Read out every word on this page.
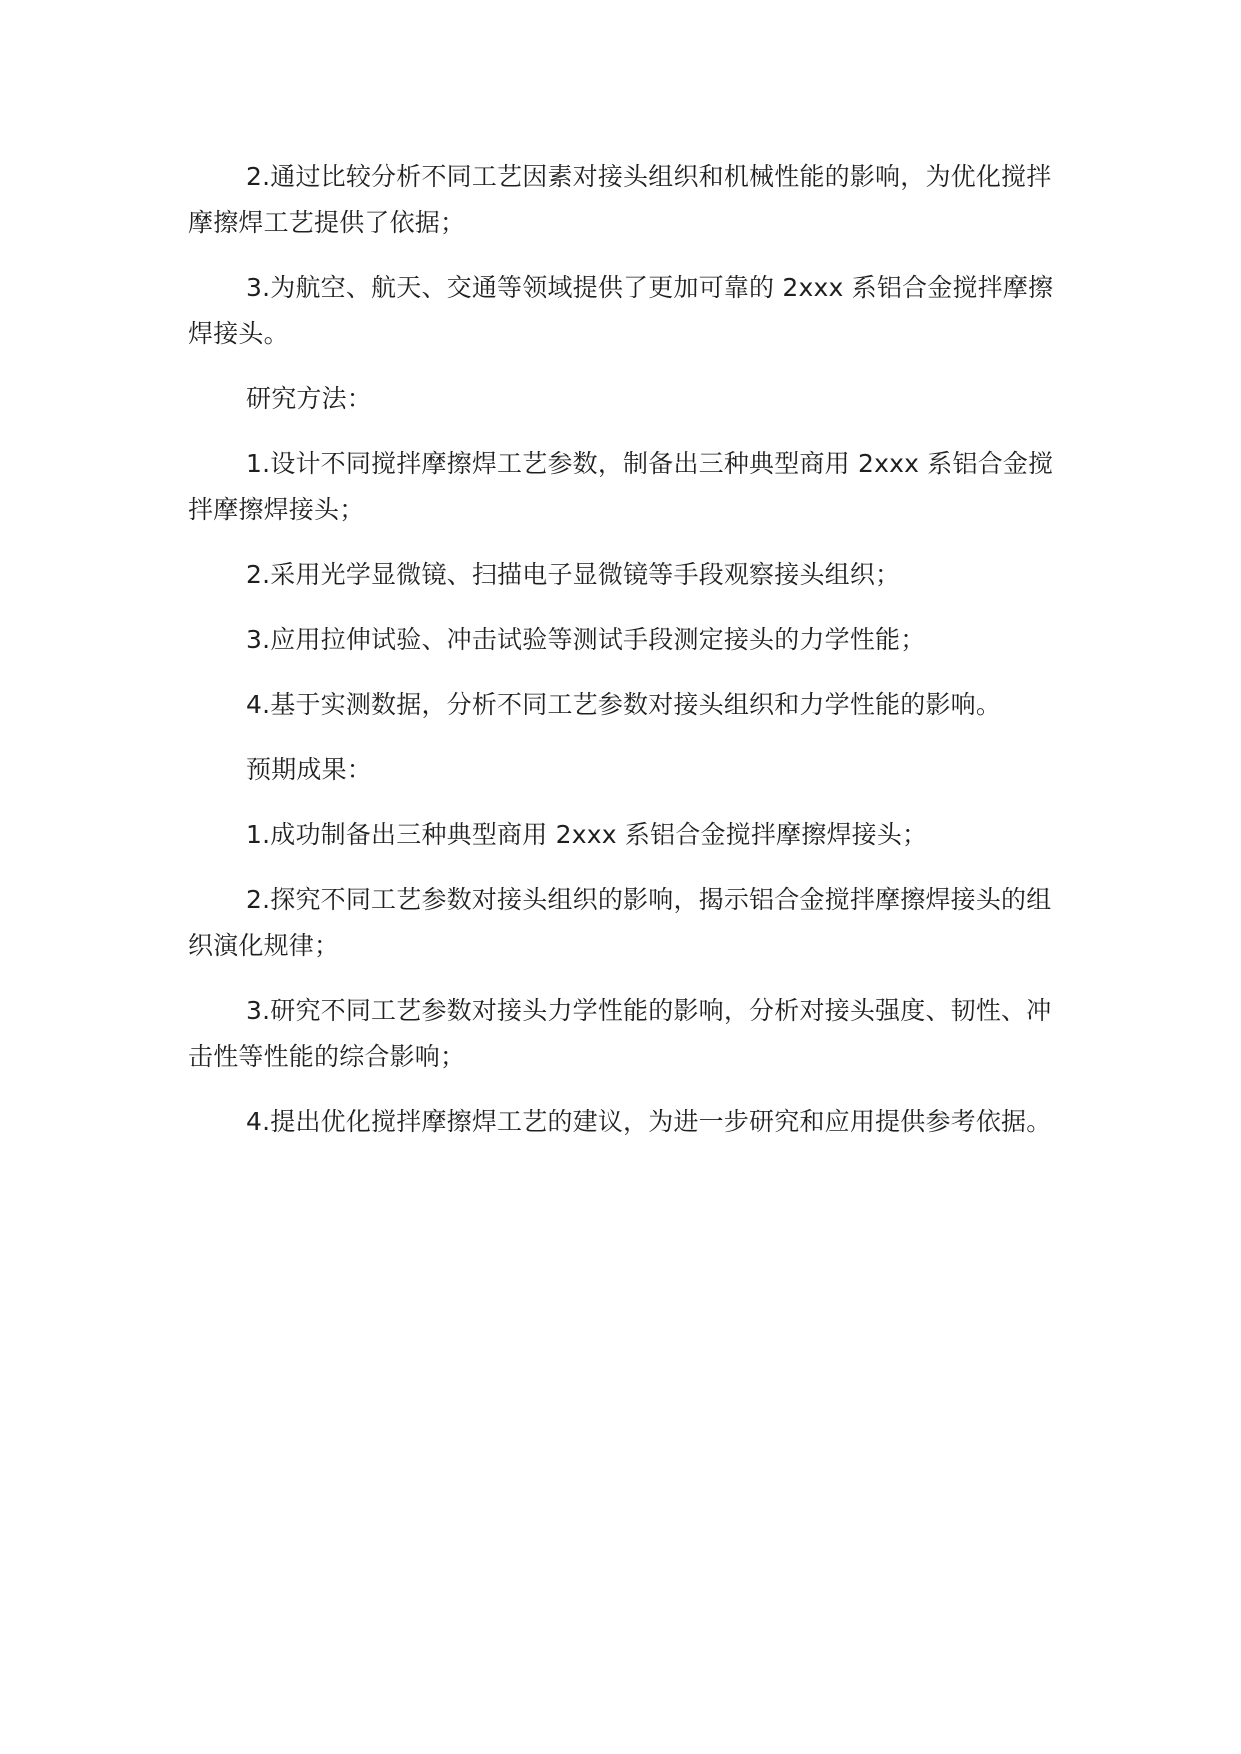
2.通过比较分析不同工艺因素对接头组织和机械性能的影响，为优化搅拌摩擦焊工艺提供了依据；

3.为航空、航天、交通等领域提供了更加可靠的 2xxx 系铝合金搅拌摩擦焊接头。

研究方法：

1.设计不同搅拌摩擦焊工艺参数，制备出三种典型商用 2xxx 系铝合金搅拌摩擦焊接头；

2.采用光学显微镜、扫描电子显微镜等手段观察接头组织；

3.应用拉伸试验、冲击试验等测试手段测定接头的力学性能；

4.基于实测数据，分析不同工艺参数对接头组织和力学性能的影响。

预期成果：

1.成功制备出三种典型商用 2xxx 系铝合金搅拌摩擦焊接头；

2.探究不同工艺参数对接头组织的影响，揭示铝合金搅拌摩擦焊接头的组织演化规律；

3.研究不同工艺参数对接头力学性能的影响，分析对接头强度、韧性、冲击性等性能的综合影响；

4.提出优化搅拌摩擦焊工艺的建议，为进一步研究和应用提供参考依据。
